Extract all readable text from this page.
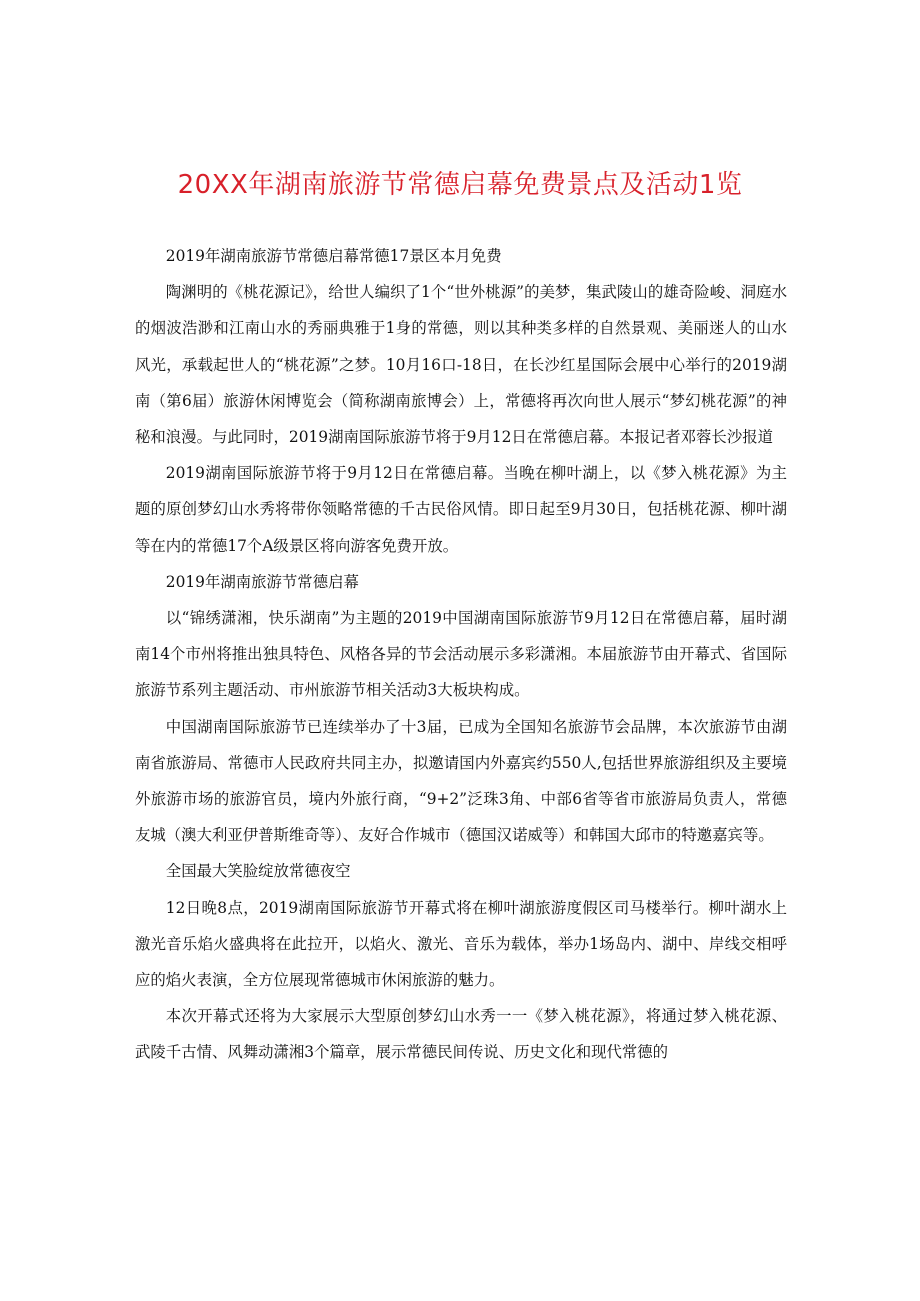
20XX年湖南旅游节常德启幕免费景点及活动1览

2019年湖南旅游节常德启幕常德17景区本月免费

陶渊明的《桃花源记》，给世人编织了1个“世外桃源”的美梦，集武陵山的雄奇险峻、洞庭水的烟波浩渺和江南山水的秀丽典雅于1身的常德，则以其种类多样的自然景观、美丽迷人的山水风光，承载起世人的“桃花源”之梦。10月16口-18日，在长沙红星国际会展中心举行的2019湖南（第6届）旅游休闲博览会（简称湖南旅博会）上，常德将再次向世人展示“梦幻桃花源”的神秘和浪漫。与此同时，2019湖南国际旅游节将于9月12日在常德启幕。本报记者邓蓉长沙报道

2019湖南国际旅游节将于9月12日在常德启幕。当晚在柳叶湖上，以《梦入桃花源》为主题的原创梦幻山水秀将带你领略常德的千古民俗风情。即日起至9月30日，包括桃花源、柳叶湖等在内的常德17个A级景区将向游客免费开放。

2019年湖南旅游节常德启幕

以“锦绣潇湘，快乐湖南”为主题的2019中国湖南国际旅游节9月12日在常德启幕，届时湖南14个市州将推出独具特色、风格各异的节会活动展示多彩潇湘。本届旅游节由开幕式、省国际旅游节系列主题活动、市州旅游节相关活动3大板块构成。

中国湖南国际旅游节已连续举办了十3届，已成为全国知名旅游节会品牌，本次旅游节由湖南省旅游局、常德市人民政府共同主办，拟邀请国内外嘉宾约550人,包括世界旅游组织及主要境外旅游市场的旅游官员，境内外旅行商，“9+2”泛珠3角、中部6省等省市旅游局负责人，常德友城（澳大利亚伊普斯维奇等）、友好合作城市（德国汉诺威等）和韩国大邱市的特邀嘉宾等。

全国最大笑脸绽放常德夜空

12日晚8点，2019湖南国际旅游节开幕式将在柳叶湖旅游度假区司马楼举行。柳叶湖水上激光音乐焰火盛典将在此拉开，以焰火、激光、音乐为载体，举办1场岛内、湖中、岸线交相呼应的焰火表演，全方位展现常德城市休闲旅游的魅力。

本次开幕式还将为大家展示大型原创梦幻山水秀一一《梦入桃花源》，将通过梦入桃花源、武陵千古情、风舞动潇湘3个篇章，展示常德民间传说、历史文化和现代常德的
